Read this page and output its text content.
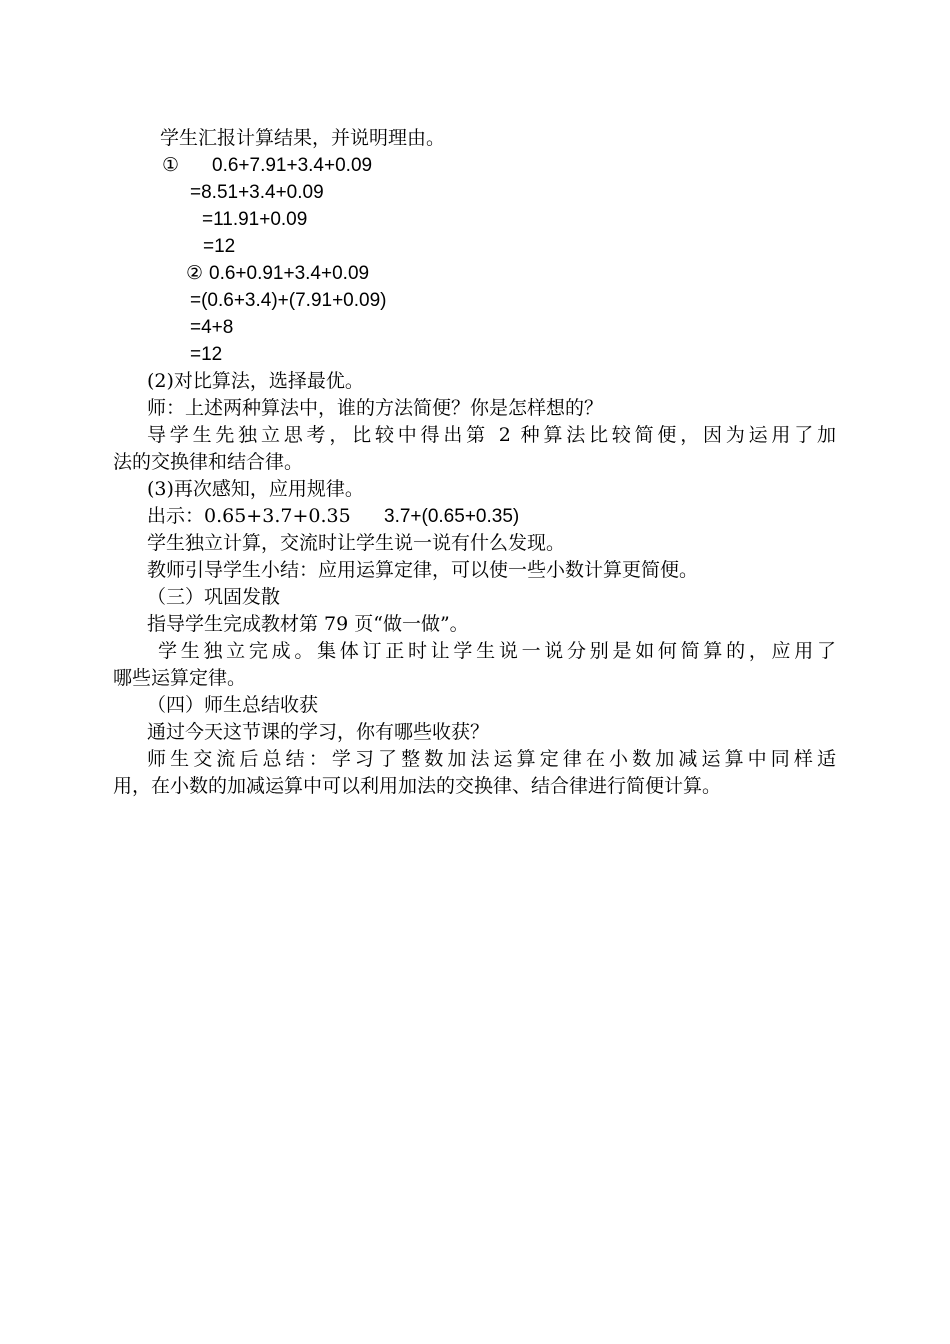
学生汇报计算结果，并说明理由。
① 0.6+7.91+3.4+0.09
=8.51+3.4+0.09
=11.91+0.09
=12
② 0.6+0.91+3.4+0.09
=(0.6+3.4)+(7.91+0.09)
=4+8
=12
(2)对比算法，选择最优。
师：上述两种算法中，谁的方法简便？你是怎样想的？
导学生先独立思考，比较中得出第 2 种算法比较简便，因为运用了加
法的交换律和结合律。
(3)再次感知，应用规律。
出示：0.65+3.7+0.35 3.7+(0.65+0.35)
学生独立计算，交流时让学生说一说有什么发现。
教师引导学生小结：应用运算定律，可以使一些小数计算更简便。
（三）巩固发散
指导学生完成教材第 79 页“做一做”。
学生独立完成。集体订正时让学生说一说分别是如何简算的，应用了
哪些运算定律。
（四）师生总结收获
通过今天这节课的学习，你有哪些收获？
师生交流后总结：学习了整数加法运算定律在小数加减运算中同样适
用，在小数的加减运算中可以利用加法的交换律、结合律进行简便计算。
